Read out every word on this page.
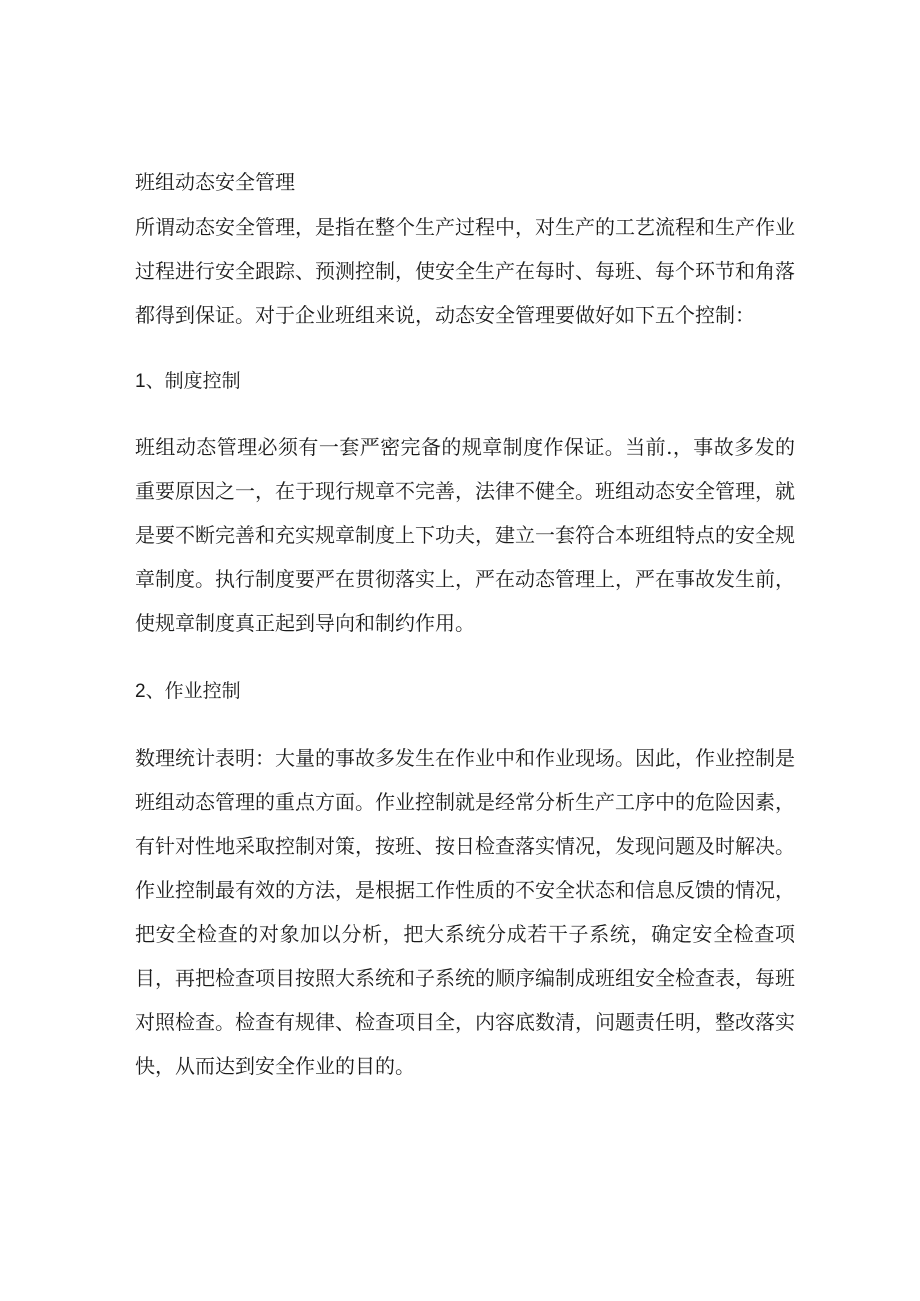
班组动态安全管理

所谓动态安全管理，是指在整个生产过程中，对生产的工艺流程和生产作业过程进行安全跟踪、预测控制，使安全生产在每时、每班、每个环节和角落都得到保证。对于企业班组来说，动态安全管理要做好如下五个控制：

1、制度控制

班组动态管理必须有一套严密完备的规章制度作保证。当前.，事故多发的重要原因之一，在于现行规章不完善，法律不健全。班组动态安全管理，就是要不断完善和充实规章制度上下功夫，建立一套符合本班组特点的安全规章制度。执行制度要严在贯彻落实上，严在动态管理上，严在事故发生前，使规章制度真正起到导向和制约作用。

2、作业控制

数理统计表明：大量的事故多发生在作业中和作业现场。因此，作业控制是班组动态管理的重点方面。作业控制就是经常分析生产工序中的危险因素，有针对性地采取控制对策，按班、按日检查落实情况，发现问题及时解决。作业控制最有效的方法，是根据工作性质的不安全状态和信息反馈的情况，把安全检查的对象加以分析，把大系统分成若干子系统，确定安全检查项目，再把检查项目按照大系统和子系统的顺序编制成班组安全检查表，每班对照检查。检查有规律、检查项目全，内容底数清，问题责任明，整改落实快，从而达到安全作业的目的。
